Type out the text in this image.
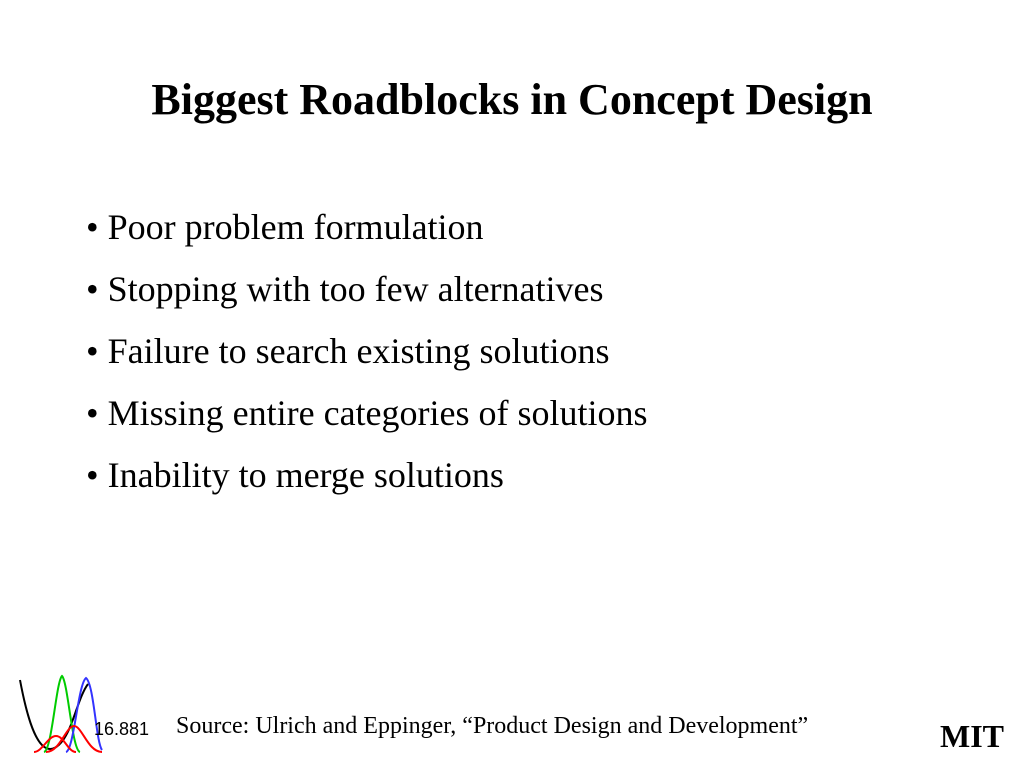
Biggest Roadblocks in Concept Design
• Poor problem formulation
• Stopping with too few alternatives
• Failure to search existing solutions
• Missing entire categories of solutions
• Inability to merge solutions
16.881 Source: Ulrich and Eppinger, “Product Design and Development”	MIT
